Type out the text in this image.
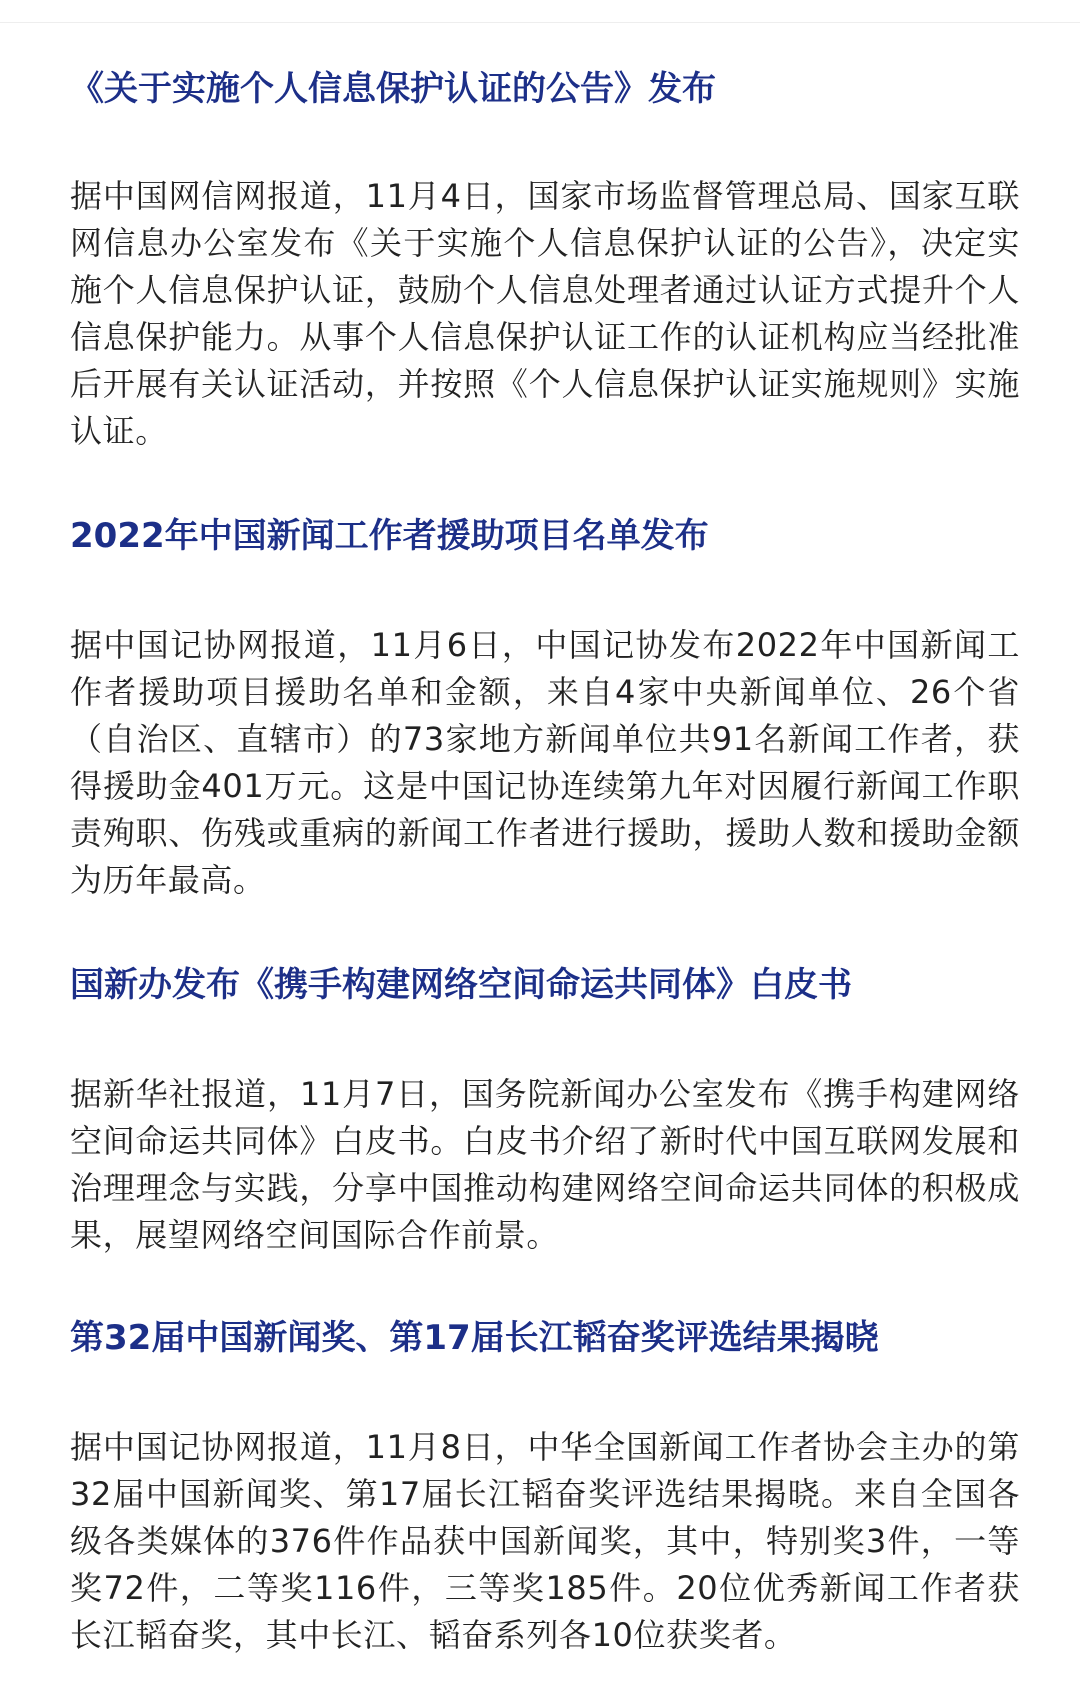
《关于实施个人信息保护认证的公告》发布

据中国网信网报道，11月4日，国家市场监督管理总局、国家互联网信息办公室发布《关于实施个人信息保护认证的公告》，决定实施个人信息保护认证，鼓励个人信息处理者通过认证方式提升个人信息保护能力。从事个人信息保护认证工作的认证机构应当经批准后开展有关认证活动，并按照《个人信息保护认证实施规则》实施认证。

2022年中国新闻工作者援助项目名单发布

据中国记协网报道，11月6日，中国记协发布2022年中国新闻工作者援助项目援助名单和金额，来自4家中央新闻单位、26个省（自治区、直辖市）的73家地方新闻单位共91名新闻工作者，获得援助金401万元。这是中国记协连续第九年对因履行新闻工作职责殉职、伤残或重病的新闻工作者进行援助，援助人数和援助金额为历年最高。

国新办发布《携手构建网络空间命运共同体》白皮书

据新华社报道，11月7日，国务院新闻办公室发布《携手构建网络空间命运共同体》白皮书。白皮书介绍了新时代中国互联网发展和治理理念与实践，分享中国推动构建网络空间命运共同体的积极成果，展望网络空间国际合作前景。

第32届中国新闻奖、第17届长江韬奋奖评选结果揭晓

据中国记协网报道，11月8日，中华全国新闻工作者协会主办的第32届中国新闻奖、第17届长江韬奋奖评选结果揭晓。来自全国各级各类媒体的376件作品获中国新闻奖，其中，特别奖3件，一等奖72件，二等奖116件，三等奖185件。20位优秀新闻工作者获长江韬奋奖，其中长江、韬奋系列各10位获奖者。
